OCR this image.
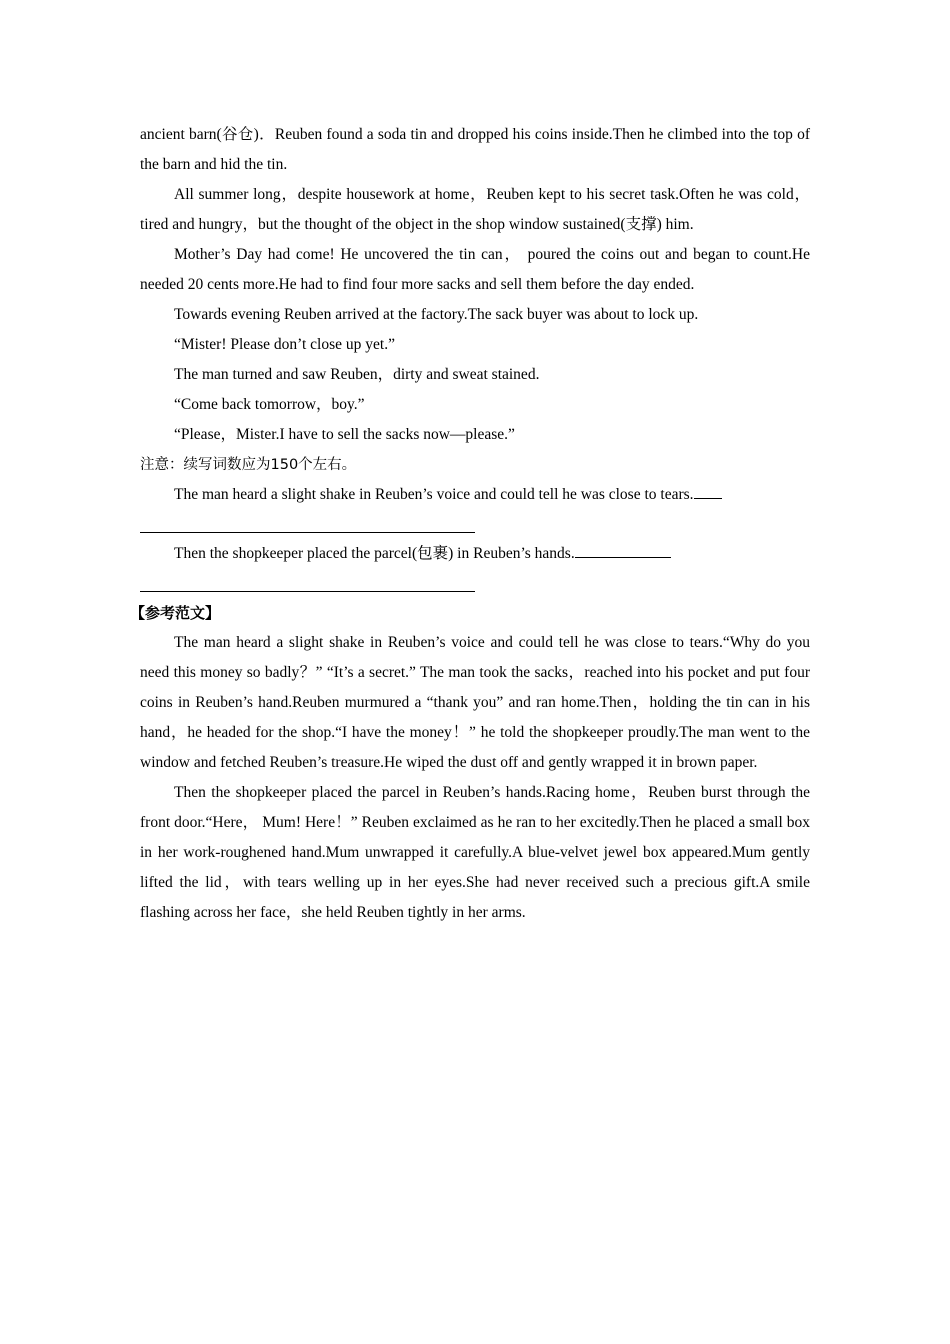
ancient barn(谷仓)．Reuben found a soda tin and dropped his coins inside.Then he climbed into the top of the barn and hid the tin.

All summer long，despite housework at home，Reuben kept to his secret task.Often he was cold，tired and hungry，but the thought of the object in the shop window sustained(支撑) him.

Mother’s Day had come! He uncovered the tin can， poured the coins out and began to count.He needed 20 cents more.He had to find four more sacks and sell them before the day ended.

Towards evening Reuben arrived at the factory.The sack buyer was about to lock up.

“Mister! Please don’t close up yet.”

The man turned and saw Reuben，dirty and sweat stained.

“Come back tomorrow，boy.”

“Please，Mister.I have to sell the sacks now—please.”

注意：续写词数应为150个左右。

The man heard a slight shake in Reuben’s voice and could tell he was close to tears.

Then the shopkeeper placed the parcel(包裹) in Reuben’s hands.

【参考范文】

The man heard a slight shake in Reuben’s voice and could tell he was close to tears.“Why do you need this money so badly？” “It’s a secret.” The man took the sacks，reached into his pocket and put four coins in Reuben’s hand.Reuben murmured a “thank you” and ran home.Then，holding the tin can in his hand，he headed for the shop.“I have the money！” he told the shopkeeper proudly.The man went to the window and fetched Reuben’s treasure.He wiped the dust off and gently wrapped it in brown paper.

Then the shopkeeper placed the parcel in Reuben’s hands.Racing home，Reuben burst through the front door.“Here， Mum! Here！” Reuben exclaimed as he ran to her excitedly.Then he placed a small box in her work-roughened hand.Mum unwrapped it carefully.A blue-velvet jewel box appeared.Mum gently lifted the lid，with tears welling up in her eyes.She had never received such a precious gift.A smile flashing across her face，she held Reuben tightly in her arms.
